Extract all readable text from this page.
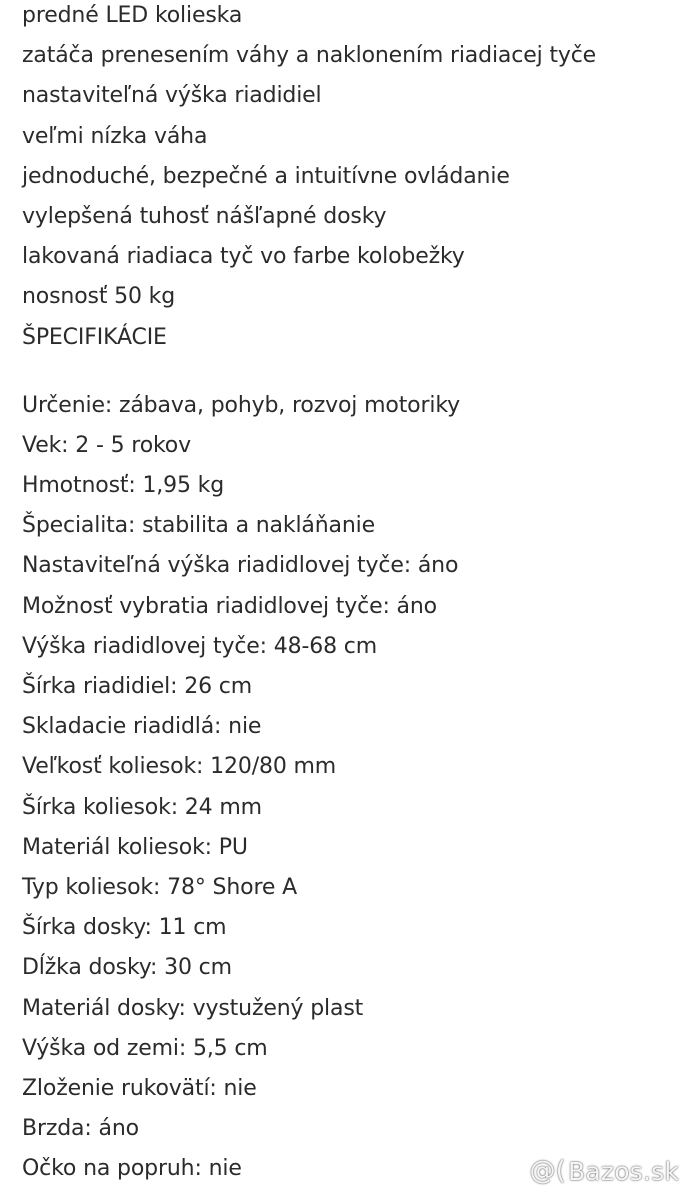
predné LED kolieska
zatáča prenesením váhy a naklonením riadiacej tyče
nastaviteľná výška riadidiel
veľmi nízka váha
jednoduché, bezpečné a intuitívne ovládanie
vylepšená tuhosť nášľapné dosky
lakovaná riadiaca tyč vo farbe kolobežky
nosnosť 50 kg
ŠPECIFIKÁCIE
Určenie: zábava, pohyb, rozvoj motoriky
Vek: 2 - 5 rokov
Hmotnosť: 1,95 kg
Špecialita: stabilita a nakláňanie
Nastaviteľná výška riadidlovej tyče: áno
Možnosť vybratia riadidlovej tyče: áno
Výška riadidlovej tyče: 48-68 cm
Šírka riadidiel: 26 cm
Skladacie riadidlá: nie
Veľkosť koliesok: 120/80 mm
Šírka koliesok: 24 mm
Materiál koliesok: PU
Typ koliesok: 78° Shore A
Šírka dosky: 11 cm
Dĺžka dosky: 30 cm
Materiál dosky: vystužený plast
Výška od zemi: 5,5 cm
Zloženie rukovätí: nie
Brzda: áno
Očko na popruh: nie	@( Bazos.sk
